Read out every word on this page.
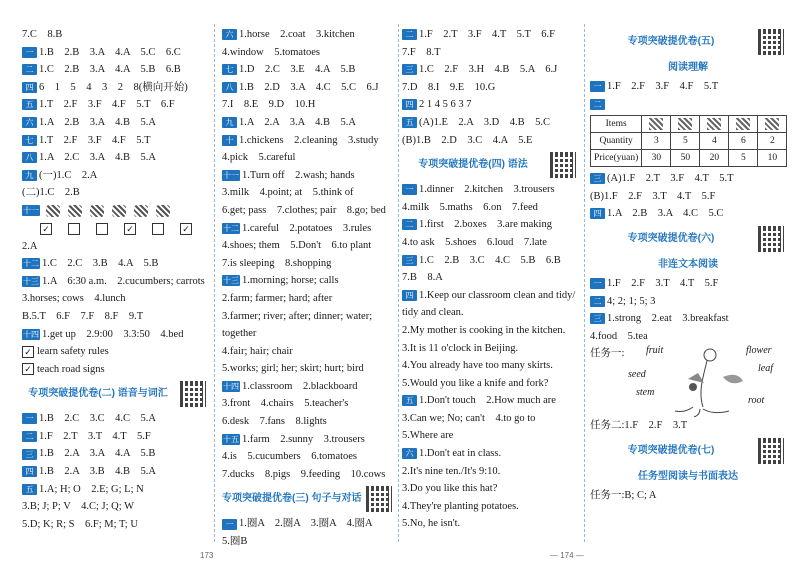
7.C　8.B
一 1.B　2.B　3.A　4.A　5.C　6.C
二 1.C　2.B　3.A　4.A　5.B　6.B
四 6　1　5　4　3　2　8(横向开始)
五 1.T　2.F　3.F　4.F　5.T　6.F
六 1.A　2.B　3.A　4.B　5.A
七 1.T　2.F　3.F　4.F　5.T
八 1.A　2.C　3.A　4.B　5.A
九 (一)1.C　2.A
(二)1.C　2.B
十一
✓	✓	✓
2.A
十二 1.C　2.C　3.B　4.A　5.B
十三 1.A　6:30 a.m.　2.cucumbers; carrots
3.horses; cows　4.lunch
B.5.T　6.F　7.F　8.F　9.T
十四 1.get up　2.9:00　3.3:50　4.bed
✓ learn safety rules
✓ teach road signs
专项突破提优卷(二) 语音与词汇
一 1.B　2.C　3.C　4.C　5.A
二 1.F　2.T　3.T　4.T　5.F
三 1.B　2.A　3.A　4.A　5.B
四 1.B　2.A　3.B　4.B　5.A
五 1.A; H; O　2.E; G; L; N
3.B; J; P; V　4.C; J; Q; W
5.D; K; R; S　6.F; M; T; U
六 1.horse　2.coat　3.kitchen
4.window　5.tomatoes
七 1.D　2.C　3.E　4.A　5.B
八 1.B　2.D　3.A　4.C　5.C　6.J
7.I　8.E　9.D　10.H
九 1.A　2.A　3.A　4.B　5.A
十 1.chickens　2.cleaning　3.study
4.pick　5.careful
十一 1.Turn off　2.wash; hands
3.milk　4.point; at　5.think of
6.get; pass　7.clothes; pair　8.go; bed
十二 1.careful　2.potatoes　3.rules
4.shoes; them　5.Don't　6.to plant
7.is sleeping　8.shopping
十三 1.morning; horse; calls
2.farm; farmer; hard; after
3.farmer; river; after; dinner; water;
together
4.fair; hair; chair
5.works; girl; her; skirt; hurt; bird
十四 1.classroom　2.blackboard
3.front　4.chairs　5.teacher's
6.desk　7.fans　8.lights
十五 1.farm　2.sunny　3.trousers
4.is　5.cucumbers　6.tomatoes
7.ducks　8.pigs　9.feeding　10.cows
专项突破提优卷(三) 句子与对话
一 1.圈A　2.圈A　3.圈A　4.圈A
5.圈B
二 1.F　2.T　3.F　4.T　5.T　6.F
7.F　8.T
三 1.C　2.F　3.H　4.B　5.A　6.J
7.D　8.I　9.E　10.G
四 2 1 4 5 6 3 7
五 (A)1.E　2.A　3.D　4.B　5.C
(B)1.B　2.D　3.C　4.A　5.E
专项突破提优卷(四) 语法
一 1.dinner　2.kitchen　3.trousers
4.milk　5.maths　6.on　7.feed
二 1.first　2.boxes　3.are making
4.to ask　5.shoes　6.loud　7.late
三 1.C　2.B　3.C　4.C　5.B　6.B
7.B　8.A
四 1.Keep our classroom clean and tidy/
tidy and clean.
2.My mother is cooking in the kitchen.
3.It is 11 o'clock in Beijing.
4.You already have too many skirts.
5.Would you like a knife and fork?
五 1.Don't touch　2.How much are
3.Can we; No; can't　4.to go to
5.Where are
六 1.Don't eat in class.
2.It's nine ten./It's 9:10.
3.Do you like this hat?
4.They're planting potatoes.
5.No, he isn't.
专项突破提优卷(五)
阅读理解
一 1.F　2.F　3.F　4.F　5.T
二
Items					
Quantity	3	5	4	6	2
Price(yuan)	30	50	20	5	10
三 (A)1.F　2.T　3.F　4.T　5.T
(B)1.F　2.F　3.T　4.T　5.F
四 1.A　2.B　3.A　4.C　5.C
专项突破提优卷(六)
非连文本阅读
一 1.F　2.F　3.T　4.T　5.F
二 4; 2; 1; 5; 3
三 1.strong　2.eat　3.breakfast
4.food　5.tea
任务一:	fruit	flower
seed
leaf
stem
root
任务二:1.F　2.F　3.T
专项突破提优卷(七)
任务型阅读与书面表达
任务一:B; C; A
173	— 174 —
